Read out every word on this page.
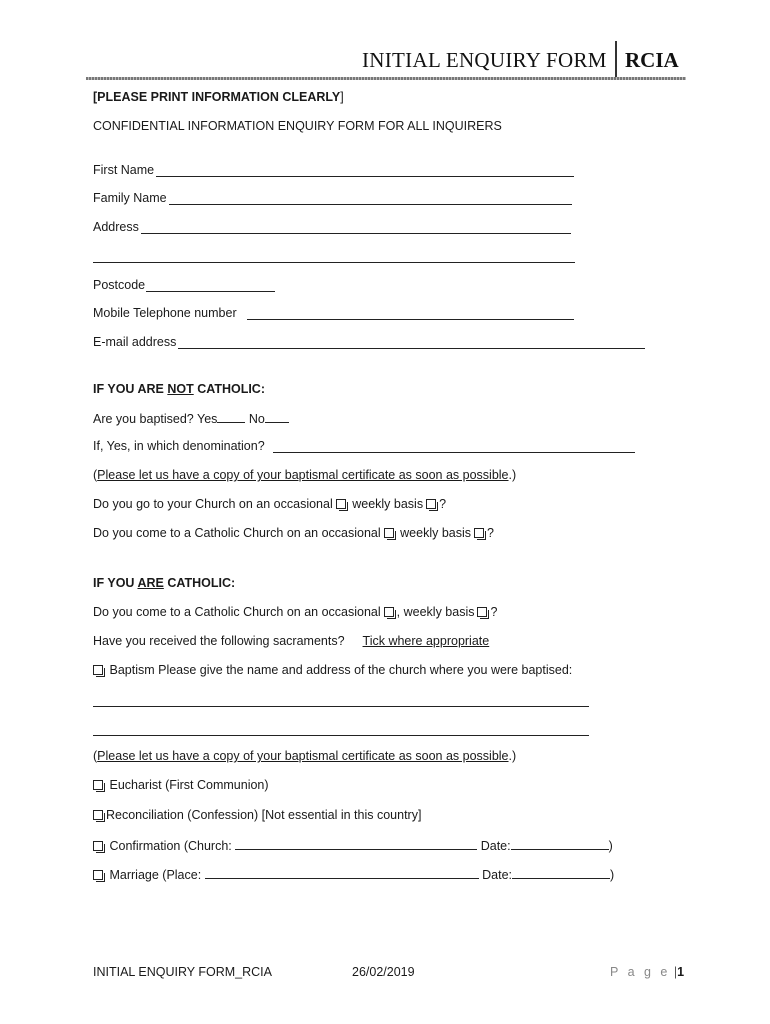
INITIAL ENQUIRY FORM RCIA
[PLEASE PRINT INFORMATION CLEARLY]
CONFIDENTIAL INFORMATION ENQUIRY FORM FOR ALL INQUIRERS
First Name
Family Name
Address
Postcode
Mobile Telephone number
E-mail address
IF YOU ARE NOT CATHOLIC:
Are you baptised? Yes No
If, Yes, in which denomination?
(Please let us have a copy of your baptismal certificate as soon as possible.)
Do you go to your Church on an occasional weekly basis ?
Do you come to a Catholic Church on an occasional weekly basis ?
IF YOU ARE CATHOLIC:
Do you come to a Catholic Church on an occasional , weekly basis ?
Have you received the following sacraments? Tick where appropriate
Baptism Please give the name and address of the church where you were baptised:
(Please let us have a copy of your baptismal certificate as soon as possible.)
Eucharist (First Communion)
Reconciliation (Confession) [Not essential in this country]
Confirmation (Church:	Date:	)
Marriage (Place:	Date:	)
INITIAL ENQUIRY FORM_RCIA	26/02/2019	P a g e |1
